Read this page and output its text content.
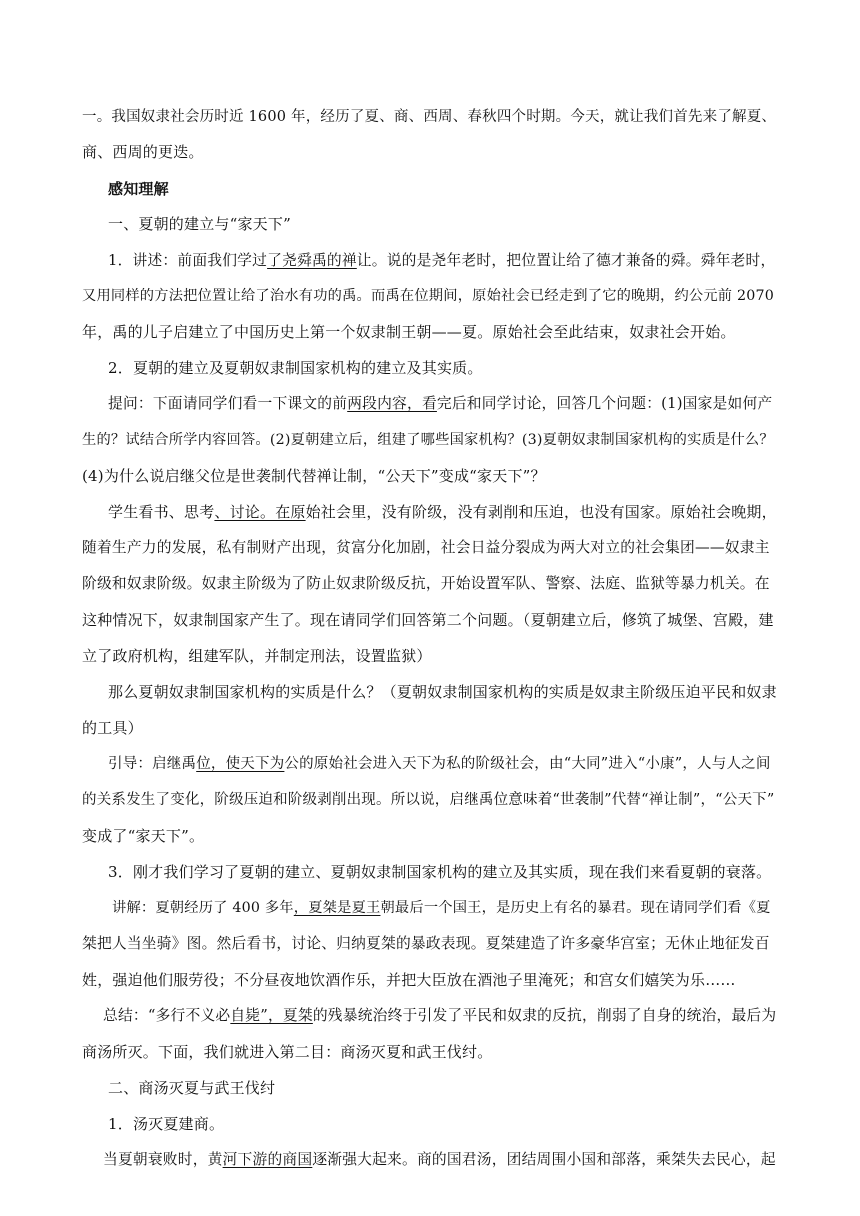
一。我国奴隶社会历时近 1600 年，经历了夏、商、西周、春秋四个时期。今天，就让我们首先来了解夏、
商、西周的更迭。
感知理解
一、夏朝的建立与“家天下”
1．讲述：前面我们学过了尧舜禹的禅让。说的是尧年老时，把位置让给了德才兼备的舜。舜年老时，
又用同样的方法把位置让给了治水有功的禹。而禹在位期间，原始社会已经走到了它的晚期，约公元前 2070
年，禹的儿子启建立了中国历史上第一个奴隶制王朝——夏。原始社会至此结束，奴隶社会开始。
2．夏朝的建立及夏朝奴隶制国家机构的建立及其实质。
提问：下面请同学们看一下课文的前两段内容，看完后和同学讨论，回答几个问题：(1)国家是如何产
生的？试结合所学内容回答。(2)夏朝建立后，组建了哪些国家机构？(3)夏朝奴隶制国家机构的实质是什么？
(4)为什么说启继父位是世袭制代替禅让制，“公天下”变成“家天下”？
学生看书、思考、讨论。在原始社会里，没有阶级，没有剥削和压迫，也没有国家。原始社会晚期，
随着生产力的发展，私有制财产出现，贫富分化加剧，社会日益分裂成为两大对立的社会集团——奴隶主
阶级和奴隶阶级。奴隶主阶级为了防止奴隶阶级反抗，开始设置军队、警察、法庭、监狱等暴力机关。在
这种情况下，奴隶制国家产生了。现在请同学们回答第二个问题。（夏朝建立后，修筑了城堡、宫殿，建
立了政府机构，组建军队，并制定刑法，设置监狱）
那么夏朝奴隶制国家机构的实质是什么？（夏朝奴隶制国家机构的实质是奴隶主阶级压迫平民和奴隶
的工具）
引导：启继禹位，使天下为公的原始社会进入天下为私的阶级社会，由“大同”进入“小康”，人与人之间
的关系发生了变化，阶级压迫和阶级剥削出现。所以说，启继禹位意味着“世袭制”代替“禅让制”，“公天下”
变成了“家天下”。
3．刚才我们学习了夏朝的建立、夏朝奴隶制国家机构的建立及其实质，现在我们来看夏朝的衰落。
讲解：夏朝经历了 400 多年，夏桀是夏王朝最后一个国王，是历史上有名的暴君。现在请同学们看《夏
桀把人当坐骑》图。然后看书，讨论、归纳夏桀的暴政表现。夏桀建造了许多豪华宫室；无休止地征发百
姓，强迫他们服劳役；不分昼夜地饮酒作乐，并把大臣放在酒池子里淹死；和宫女们嬉笑为乐……
总结：“多行不义必自毙”，夏桀的残暴统治终于引发了平民和奴隶的反抗，削弱了自身的统治，最后为
商汤所灭。下面，我们就进入第二目：商汤灭夏和武王伐纣。
二、商汤灭夏与武王伐纣
1．汤灭夏建商。
当夏朝衰败时，黄河下游的商国逐渐强大起来。商的国君汤，团结周围小国和部落，乘桀失去民心，起
